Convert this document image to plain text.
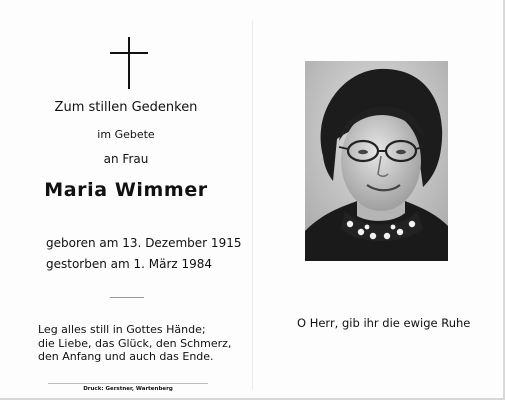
Zum stillen Gedenken
im Gebete
an Frau
Maria Wimmer
geboren am 13. Dezember 1915
gestorben am 1. März 1984
Leg alles still in Gottes Hände;
die Liebe, das Glück, den Schmerz,
den Anfang und auch das Ende.
Druck: Gerstner, Wartenberg
O Herr, gib ihr die ewige Ruhe
